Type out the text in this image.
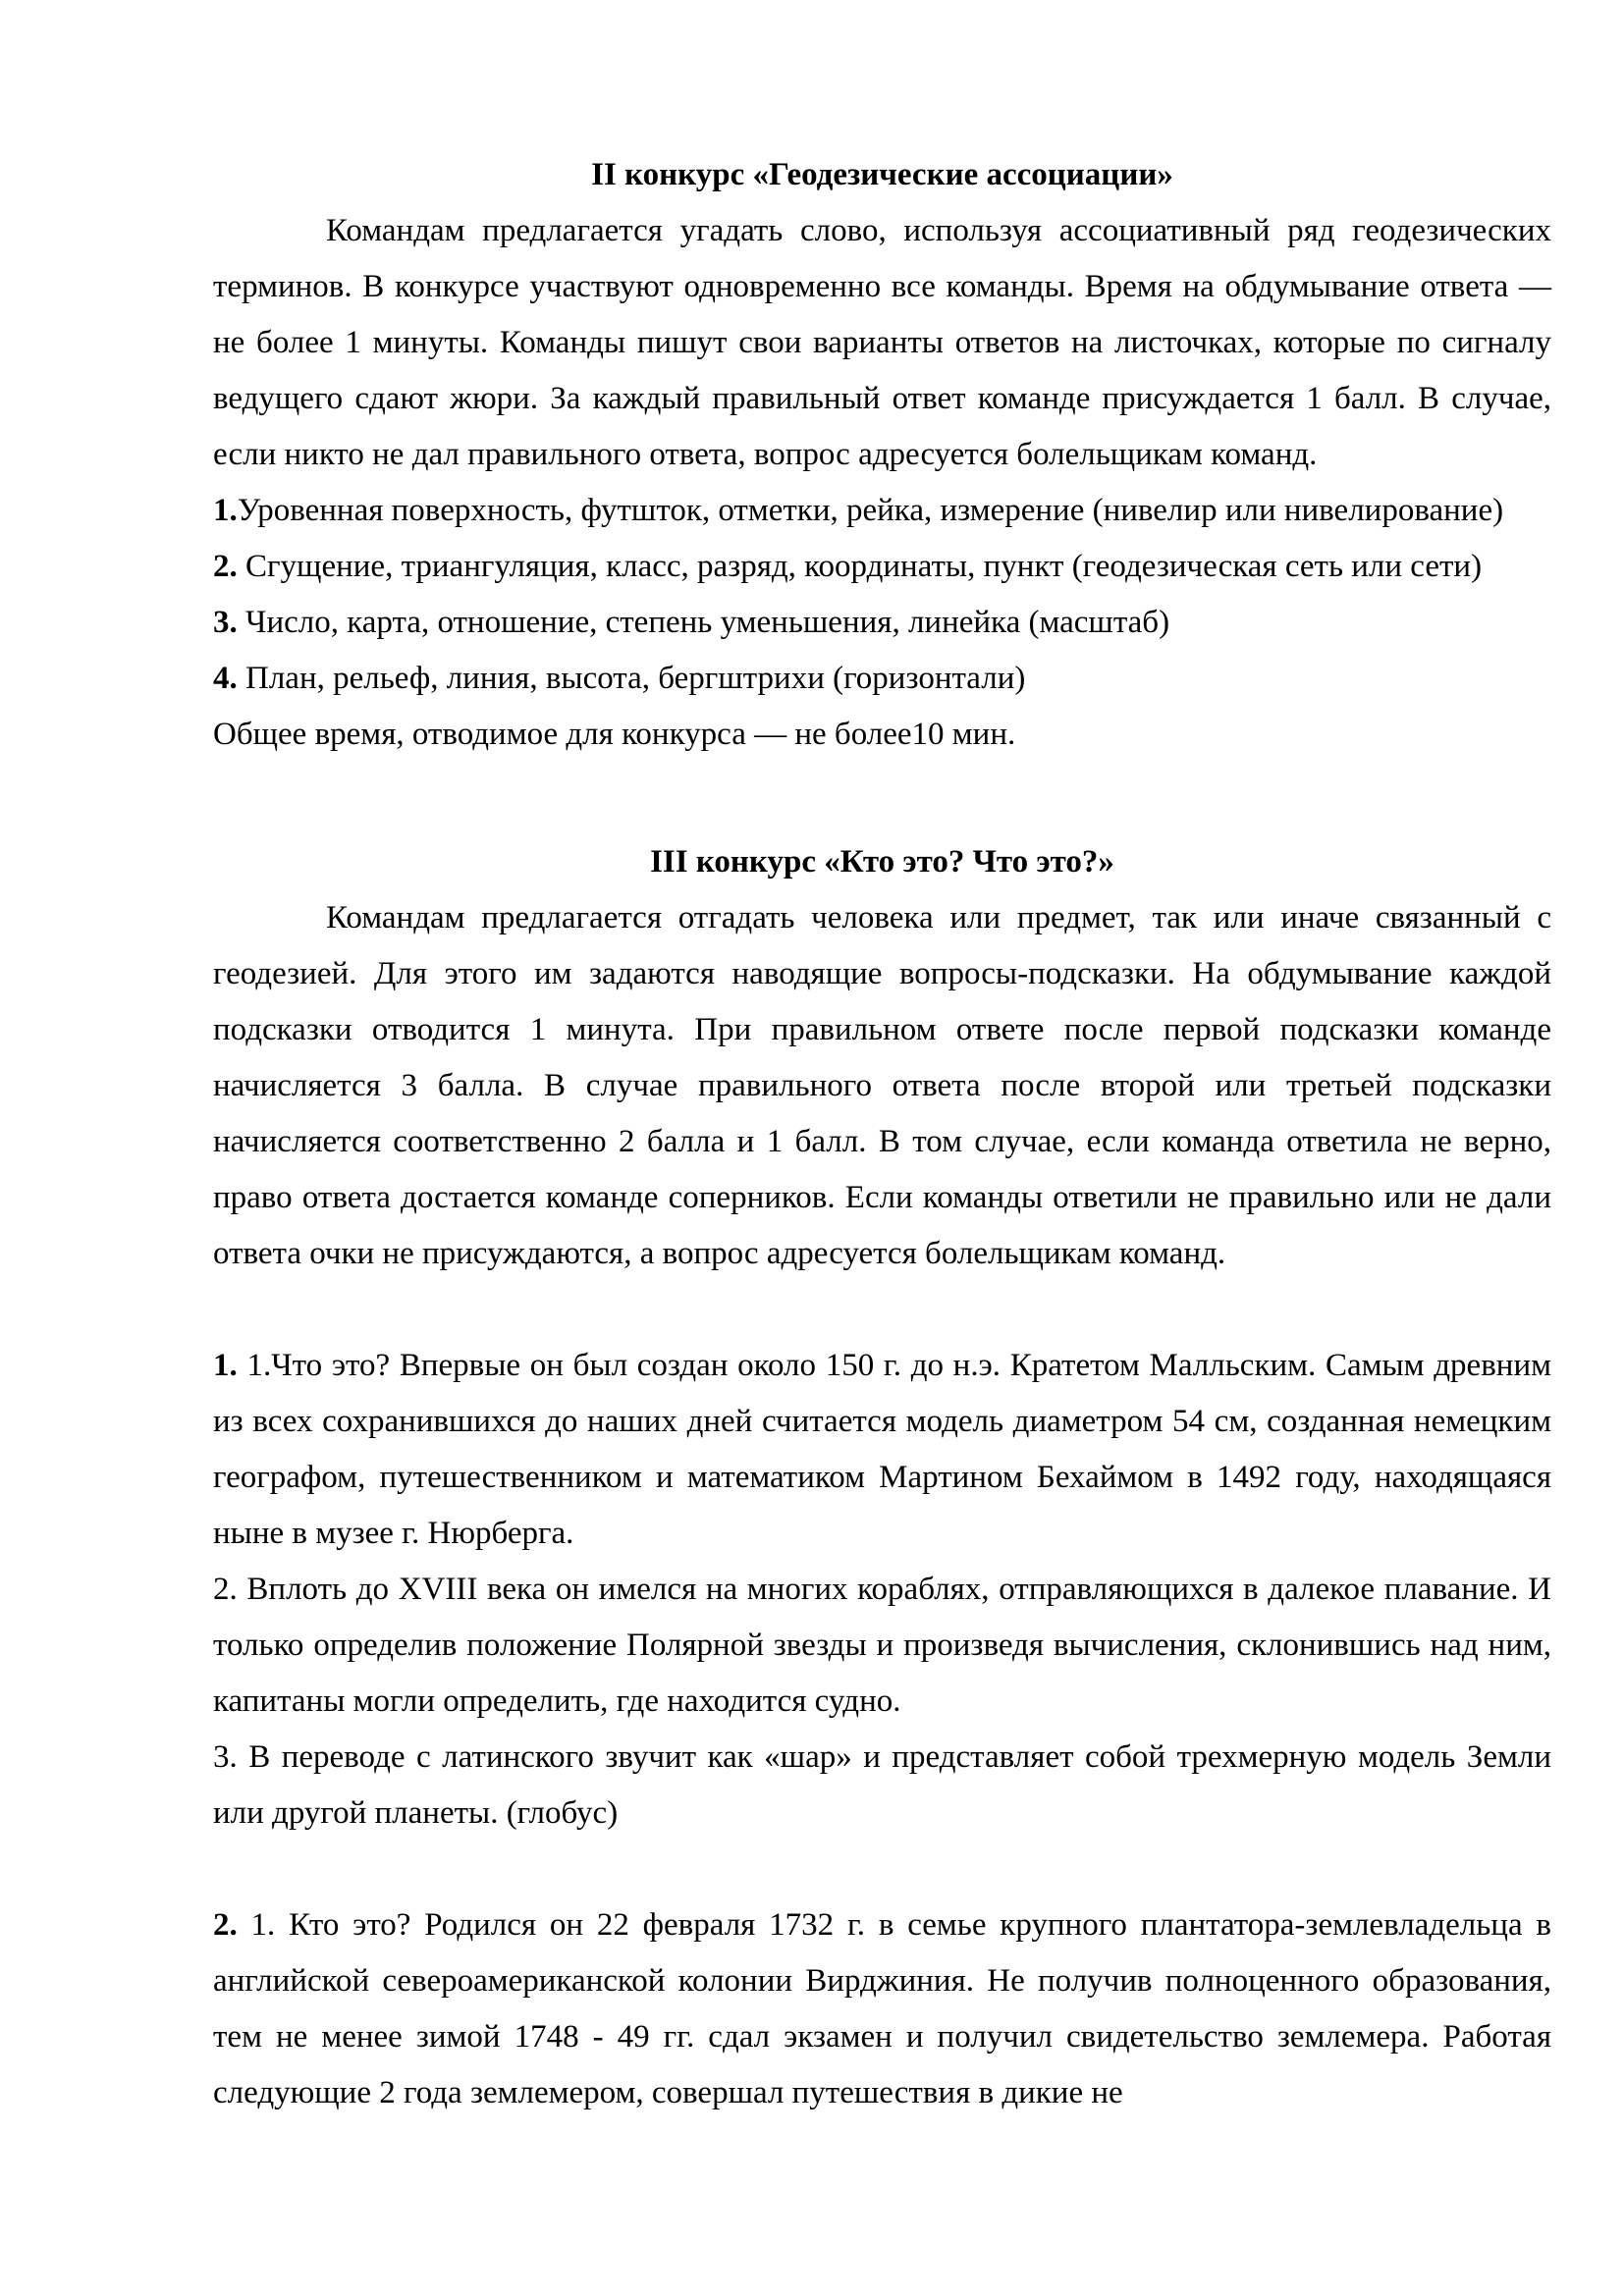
II конкурс «Геодезические ассоциации»

Командам предлагается угадать слово, используя ассоциативный ряд геодезических терминов. В конкурсе участвуют одновременно все команды. Время на обдумывание ответа — не более 1 минуты. Команды пишут свои варианты ответов на листочках, которые по сигналу ведущего сдают жюри. За каждый правильный ответ команде присуждается 1 балл. В случае, если никто не дал правильного ответа, вопрос адресуется болельщикам команд.

1.Уровенная поверхность, футшток, отметки, рейка, измерение (нивелир или нивелирование)

2. Сгущение, триангуляция, класс, разряд, координаты, пункт (геодезическая сеть или сети)

3. Число, карта, отношение, степень уменьшения, линейка (масштаб)

4. План, рельеф, линия, высота, бергштрихи (горизонтали)

Общее время, отводимое для конкурса — не более10 мин.

III конкурс «Кто это? Что это?»

Командам предлагается отгадать человека или предмет, так или иначе связанный с геодезией. Для этого им задаются наводящие вопросы-подсказки. На обдумывание каждой подсказки отводится 1 минута. При правильном ответе после первой подсказки команде начисляется 3 балла. В случае правильного ответа после второй или третьей подсказки начисляется соответственно 2 балла и 1 балл. В том случае, если команда ответила не верно, право ответа достается команде соперников. Если команды ответили не правильно или не дали ответа очки не присуждаются, а вопрос адресуется болельщикам команд.

1. 1.Что это? Впервые он был создан около 150 г. до н.э. Кратетом Малльским. Самым древним из всех сохранившихся до наших дней считается модель диаметром 54 см, созданная немецким географом, путешественником и математиком Мартином Бехаймом в 1492 году, находящаяся ныне в музее г. Нюрберга.

2. Вплоть до XVIII века он имелся на многих кораблях, отправляющихся в далекое плавание. И только определив положение Полярной звезды и произведя вычисления, склонившись над ним, капитаны могли определить, где находится судно.

3. В переводе с латинского звучит как «шар» и представляет собой трехмерную модель Земли или другой планеты. (глобус)

2. 1. Кто это? Родился он 22 февраля 1732 г. в семье крупного плантатора-землевладельца в английской североамериканской колонии Вирджиния. Не получив полноценного образования, тем не менее зимой 1748 - 49 гг. сдал экзамен и получил свидетельство землемера. Работая следующие 2 года землемером, совершал путешествия в дикие не
